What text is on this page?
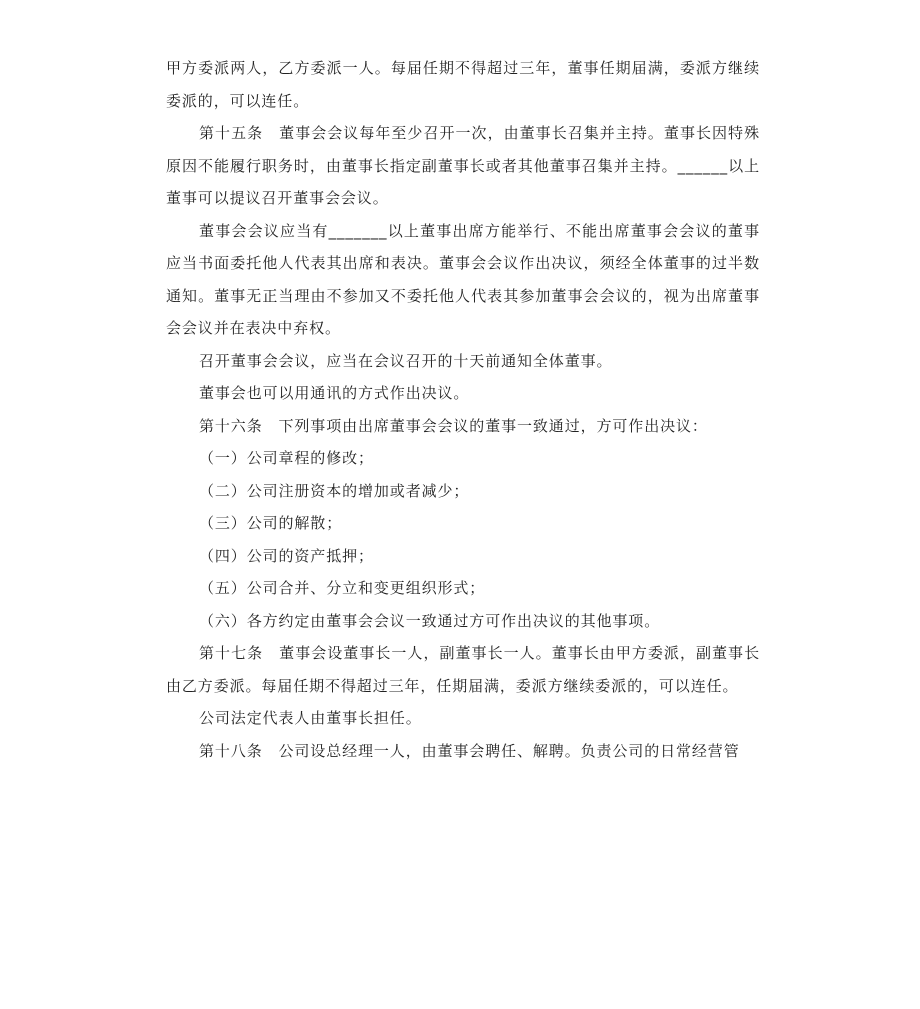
甲方委派两人，乙方委派一人。每届任期不得超过三年，董事任期届满，委派方继续委派的，可以连任。

第十五条　董事会会议每年至少召开一次，由董事长召集并主持。董事长因特殊原因不能履行职务时，由董事长指定副董事长或者其他董事召集并主持。______以上董事可以提议召开董事会会议。

董事会会议应当有_______以上董事出席方能举行、不能出席董事会会议的董事应当书面委托他人代表其出席和表决。董事会会议作出决议，须经全体董事的过半数通知。董事无正当理由不参加又不委托他人代表其参加董事会会议的，视为出席董事会会议并在表决中弃权。

召开董事会会议，应当在会议召开的十天前通知全体董事。

董事会也可以用通讯的方式作出决议。

第十六条　下列事项由出席董事会会议的董事一致通过，方可作出决议：

（一）公司章程的修改；

（二）公司注册资本的增加或者减少；

（三）公司的解散；

（四）公司的资产抵押；

（五）公司合并、分立和变更组织形式；

（六）各方约定由董事会会议一致通过方可作出决议的其他事项。

第十七条　董事会设董事长一人，副董事长一人。董事长由甲方委派，副董事长由乙方委派。每届任期不得超过三年，任期届满，委派方继续委派的，可以连任。

公司法定代表人由董事长担任。

第十八条　公司设总经理一人，由董事会聘任、解聘。负责公司的日常经营管
